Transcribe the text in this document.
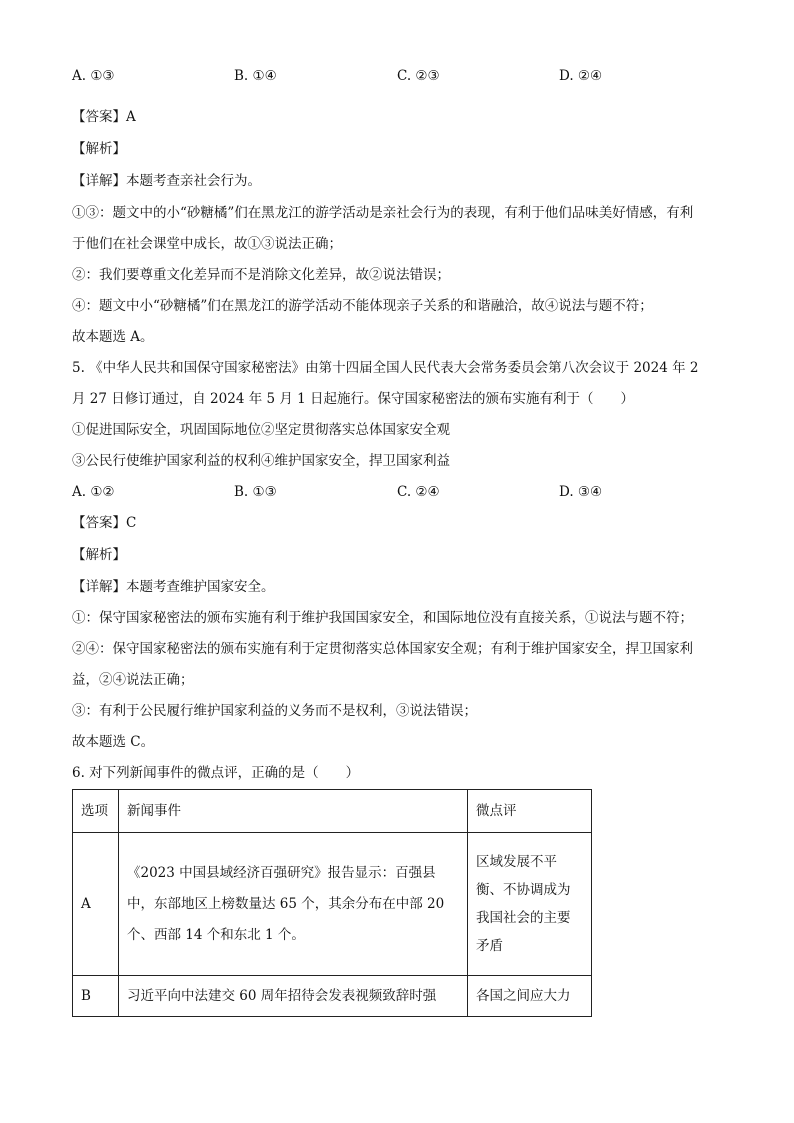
A. ①③	B. ①④	C. ②③	D. ②④
【答案】A
【解析】
【详解】本题考查亲社会行为。
①③：题文中的小“砂糖橘”们在黑龙江的游学活动是亲社会行为的表现，有利于他们品味美好情感，有利
于他们在社会课堂中成长，故①③说法正确；
②：我们要尊重文化差异而不是消除文化差异，故②说法错误；
④：题文中小“砂糖橘”们在黑龙江的游学活动不能体现亲子关系的和谐融洽，故④说法与题不符；
故本题选 A。
5. 《中华人民共和国保守国家秘密法》由第十四届全国人民代表大会常务委员会第八次会议于 2024 年 2
月 27 日修订通过，自 2024 年 5 月 1 日起施行。保守国家秘密法的颁布实施有利于（　　）
①促进国际安全，巩固国际地位②坚定贯彻落实总体国家安全观
③公民行使维护国家利益的权利④维护国家安全，捍卫国家利益
A. ①②	B. ①③	C. ②④	D. ③④
【答案】C
【解析】
【详解】本题考查维护国家安全。
①：保守国家秘密法的颁布实施有利于维护我国国家安全，和国际地位没有直接关系，①说法与题不符；
②④：保守国家秘密法的颁布实施有利于定贯彻落实总体国家安全观；有利于维护国家安全，捍卫国家利
益，②④说法正确；
③：有利于公民履行维护国家利益的义务而不是权利，③说法错误；
故本题选 C。
6. 对下列新闻事件的微点评，正确的是（　　）
选项	新闻事件	微点评
A	《2023 中国县域经济百强研究》报告显示：百强县中，东部地区上榜数量达 65 个，其余分布在中部 20 个、西部 14 个和东北 1 个。	区域发展不平衡、不协调成为我国社会的主要矛盾

B	习近平向中法建交 60 周年招待会发表视频致辞时强	各国之间应大力
